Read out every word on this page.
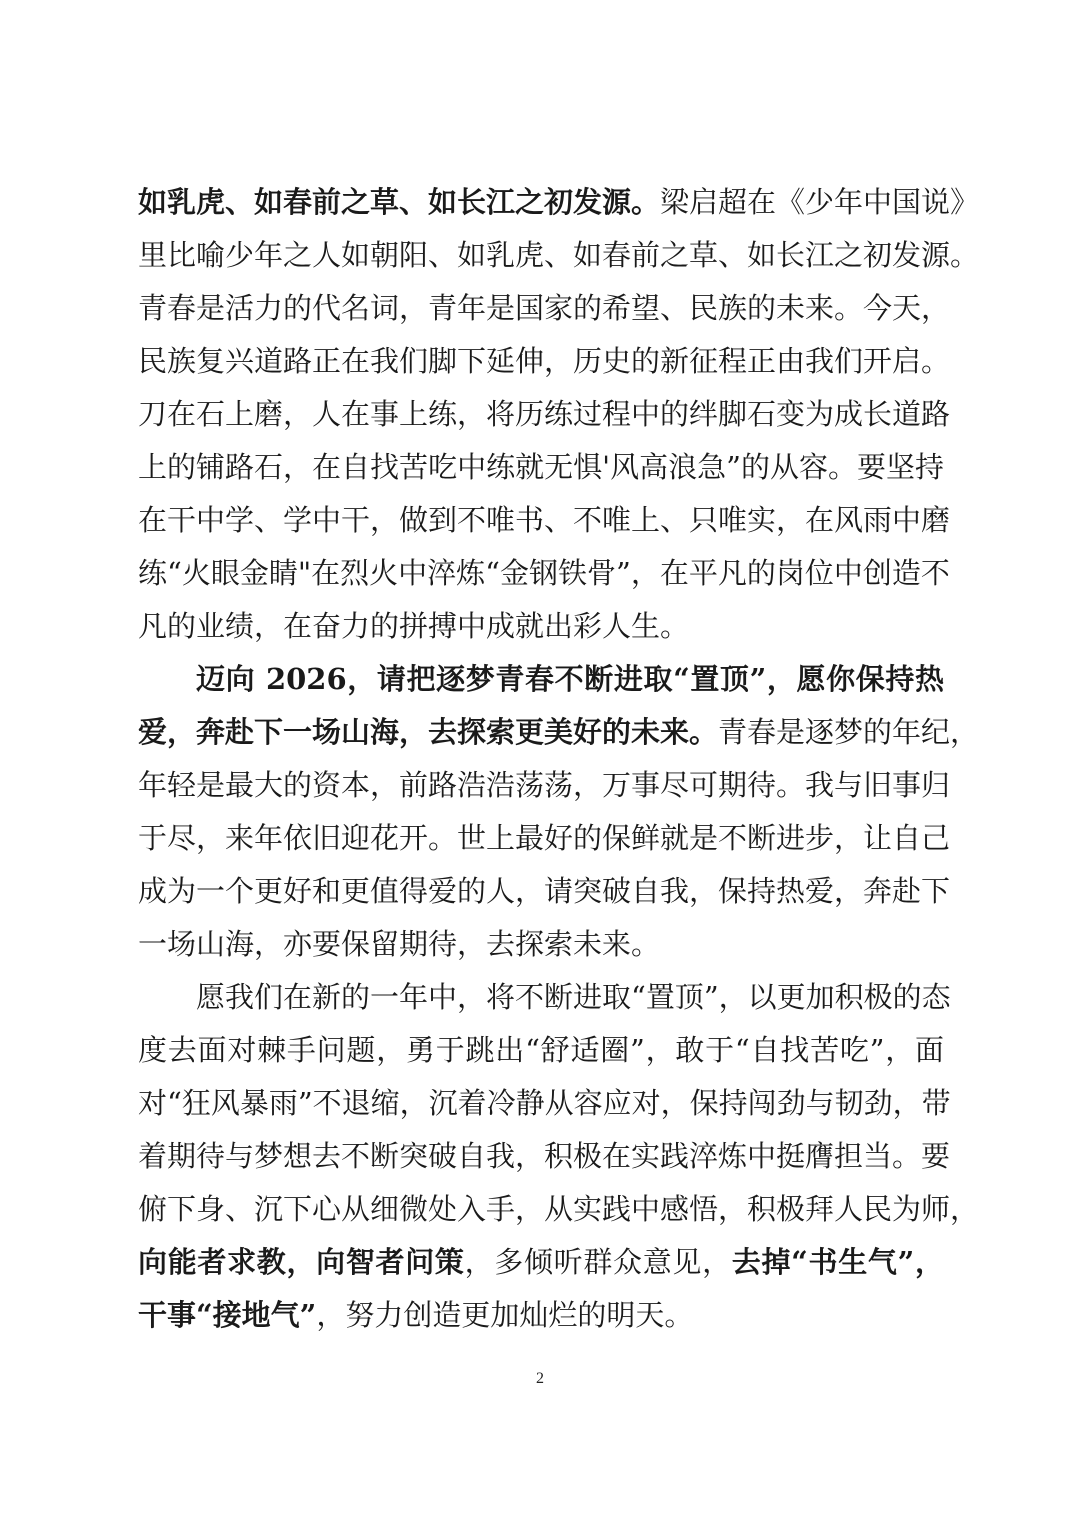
如乳虎、如春前之草、如长江之初发源。梁启超在《少年中国说》
里比喻少年之人如朝阳、如乳虎、如春前之草、如长江之初发源。
青春是活力的代名词，青年是国家的希望、民族的未来。今天，
民族复兴道路正在我们脚下延伸，历史的新征程正由我们开启。
刀在石上磨，人在事上练，将历练过程中的绊脚石变为成长道路
上的铺路石，在自找苦吃中练就无惧'风高浪急”的从容。要坚持
在干中学、学中干，做到不唯书、不唯上、只唯实，在风雨中磨
练“火眼金睛"在烈火中淬炼“金钢铁骨”，在平凡的岗位中创造不
凡的业绩，在奋力的拼搏中成就出彩人生。
迈向 2026，请把逐梦青春不断进取“置顶”，愿你保持热
爱，奔赴下一场山海，去探索更美好的未来。青春是逐梦的年纪，
年轻是最大的资本，前路浩浩荡荡，万事尽可期待。我与旧事归
于尽，来年依旧迎花开。世上最好的保鲜就是不断进步，让自己
成为一个更好和更值得爱的人，请突破自我，保持热爱，奔赴下
一场山海，亦要保留期待，去探索未来。
愿我们在新的一年中，将不断进取“置顶”，以更加积极的态
度去面对棘手问题，勇于跳出“舒适圈”，敢于“自找苦吃”，面
对“狂风暴雨”不退缩，沉着冷静从容应对，保持闯劲与韧劲，带
着期待与梦想去不断突破自我，积极在实践淬炼中挺膺担当。要
俯下身、沉下心从细微处入手，从实践中感悟，积极拜人民为师，
向能者求教，向智者问策，多倾听群众意见，去掉“书生气”，
干事“接地气”，努力创造更加灿烂的明天。
2
